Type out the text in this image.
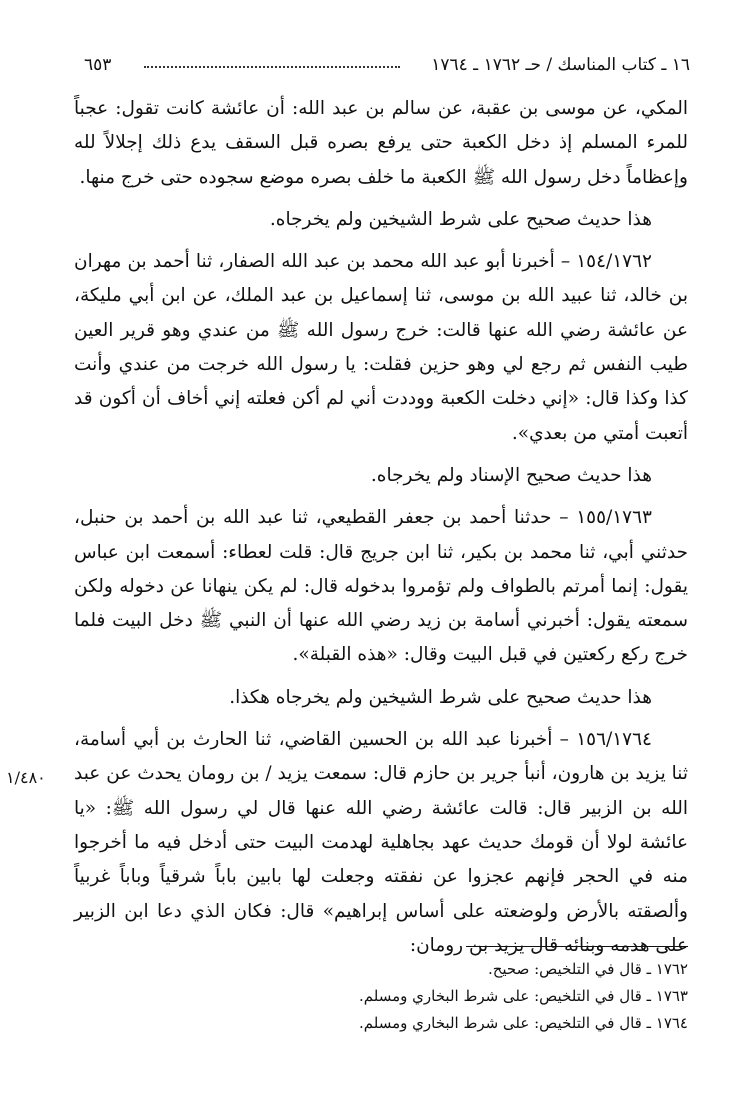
١٦ ـ كتاب المناسك / حـ ١٧٦٢ ـ ١٧٦٤
٦٥٣

المكي، عن موسى بن عقبة، عن سالم بن عبد الله: أن عائشة كانت تقول: عجباً للمرء المسلم إذ دخل الكعبة حتى يرفع بصره قبل السقف يدع ذلك إجلالاً لله وإعظاماً دخل رسول الله ﷺ الكعبة ما خلف بصره موضع سجوده حتى خرج منها.

هذا حديث صحيح على شرط الشيخين ولم يخرجاه.

١٥٤/١٧٦٢ – أخبرنا أبو عبد الله محمد بن عبد الله الصفار، ثنا أحمد بن مهران بن خالد، ثنا عبيد الله بن موسى، ثنا إسماعيل بن عبد الملك، عن ابن أبي مليكة، عن عائشة رضي الله عنها قالت: خرج رسول الله ﷺ من عندي وهو قرير العين طيب النفس ثم رجع لي وهو حزين فقلت: يا رسول الله خرجت من عندي وأنت كذا وكذا قال: «إني دخلت الكعبة ووددت أني لم أكن فعلته إني أخاف أن أكون قد أتعبت أمتي من بعدي».

هذا حديث صحيح الإسناد ولم يخرجاه.

١٥٥/١٧٦٣ – حدثنا أحمد بن جعفر القطيعي، ثنا عبد الله بن أحمد بن حنبل، حدثني أبي، ثنا محمد بن بكير، ثنا ابن جريج قال: قلت لعطاء: أسمعت ابن عباس يقول: إنما أمرتم بالطواف ولم تؤمروا بدخوله قال: لم يكن ينهانا عن دخوله ولكن سمعته يقول: أخبرني أسامة بن زيد رضي الله عنها أن النبي ﷺ دخل البيت فلما خرج ركع ركعتين في قبل البيت وقال: «هذه القبلة».

هذا حديث صحيح على شرط الشيخين ولم يخرجاه هكذا.

١٥٦/١٧٦٤ – أخبرنا عبد الله بن الحسين القاضي، ثنا الحارث بن أبي أسامة، ثنا يزيد بن هارون، أنبأ جرير بن حازم قال: سمعت يزيد / بن رومان يحدث عن عبد الله بن الزبير قال: قالت عائشة رضي الله عنها قال لي رسول الله ﷺ: «يا عائشة لولا أن قومك حديث عهد بجاهلية لهدمت البيت حتى أدخل فيه ما أخرجوا منه في الحجر فإنهم عجزوا عن نفقته وجعلت لها بابين باباً شرقياً وباباً غربياً وألصقته بالأرض ولوضعته على أساس إبراهيم» قال: فكان الذي دعا ابن الزبير على هدمه وبنائه قال يزيد بن رومان:

١/٤٨٠
١٧٦٢ ـ قال في التلخيص: صحيح.
١٧٦٣ ـ قال في التلخيص: على شرط البخاري ومسلم.
١٧٦٤ ـ قال في التلخيص: على شرط البخاري ومسلم.
